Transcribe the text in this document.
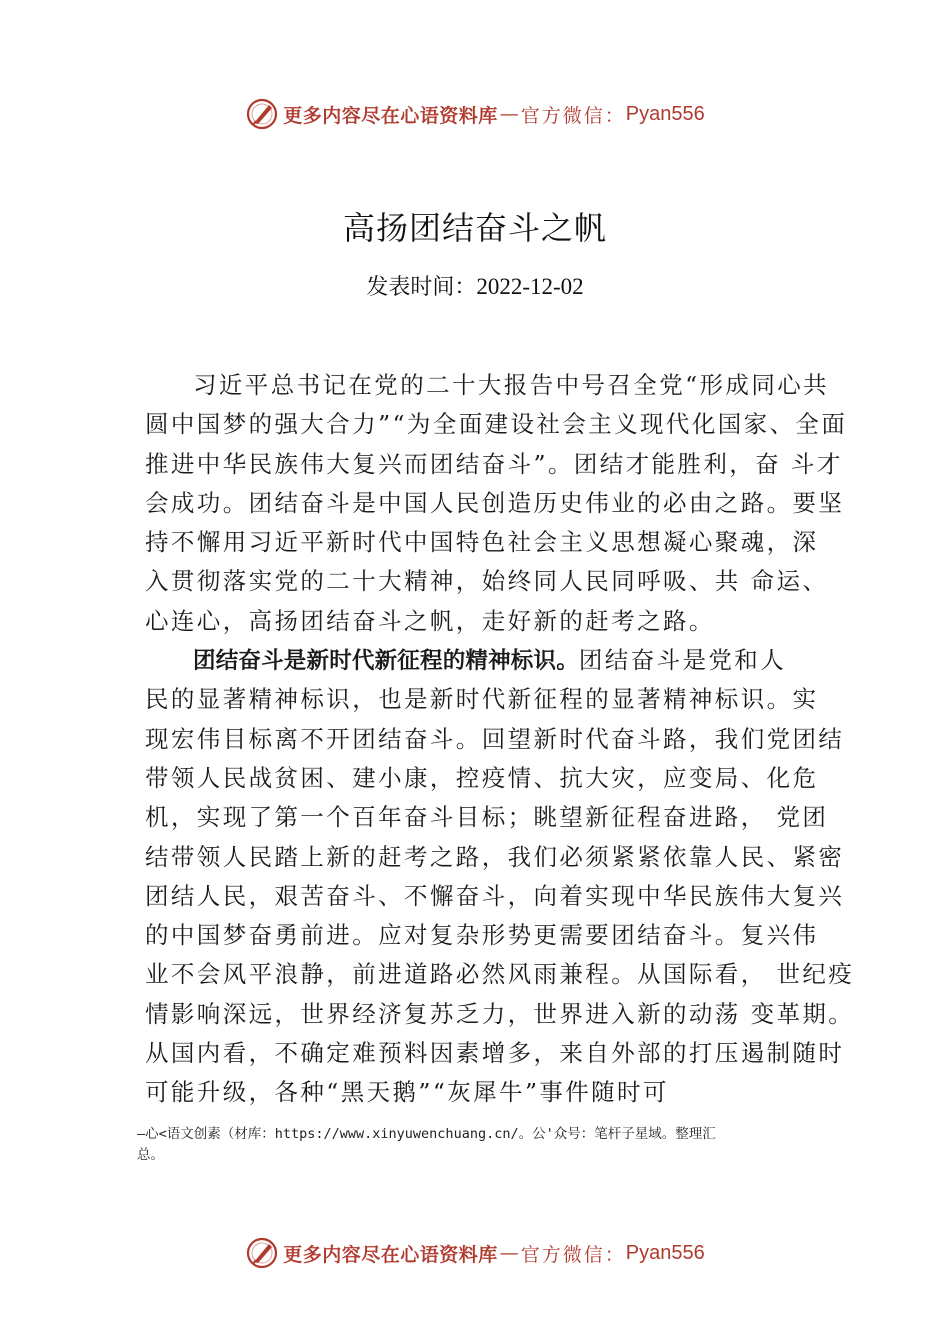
更多内容尽在心语资料库 — 官方微信： Pyan556
高扬团结奋斗之帆
发表时间：2022-12-02
习近平总书记在党的二十大报告中号召全党“形成同心共
圆中国梦的强大合力”“为全面建设社会主义现代化国家、全面
推进中华民族伟大复兴而团结奋斗”。团结才能胜利，奋 斗才
会成功。团结奋斗是中国人民创造历史伟业的必由之路。要坚
持不懈用习近平新时代中国特色社会主义思想凝心聚魂，深
入贯彻落实党的二十大精神，始终同人民同呼吸、共 命运、
心连心，高扬团结奋斗之帆，走好新的赶考之路。
团结奋斗是新时代新征程的精神标识。团结奋斗是党和人
民的显著精神标识，也是新时代新征程的显著精神标识。实
现宏伟目标离不开团结奋斗。回望新时代奋斗路，我们党团结
带领人民战贫困、建小康，控疫情、抗大灾，应变局、化危
机，实现了第一个百年奋斗目标；眺望新征程奋进路， 党团
结带领人民踏上新的赶考之路，我们必须紧紧依靠人民、紧密
团结人民，艰苦奋斗、不懈奋斗，向着实现中华民族伟大复兴
的中国梦奋勇前进。应对复杂形势更需要团结奋斗。复兴伟
业不会风平浪静，前进道路必然风雨兼程。从国际看， 世纪疫
情影响深远，世界经济复苏乏力，世界进入新的动荡 变革期。
从国内看，不确定难预料因素增多，来自外部的打压遏制随时
可能升级，各种“黑天鹅”“灰犀牛”事件随时可
—心<语文创素（材库：https://www.xinyuwenchuang.cn/。公'众号：笔杆子星域。整理汇
总。
更多内容尽在心语资料库 — 官方微信： Pyan556
